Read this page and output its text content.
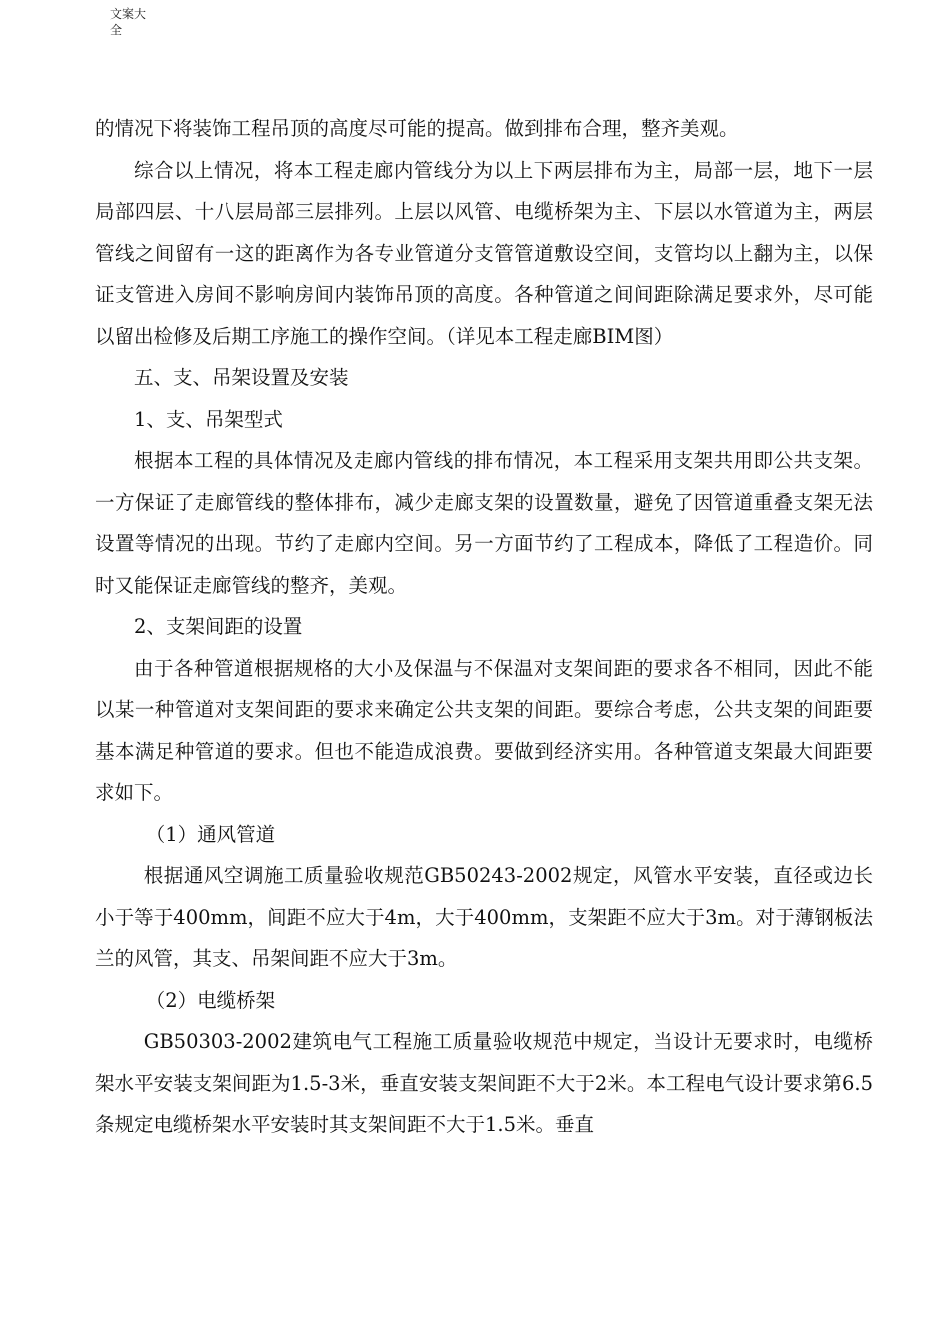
文案大
全

的情况下将装饰工程吊顶的高度尽可能的提高。做到排布合理，整齐美观。

综合以上情况，将本工程走廊内管线分为以上下两层排布为主，局部一层，地下一层局部四层、十八层局部三层排列。上层以风管、电缆桥架为主、下层以水管道为主，两层管线之间留有一这的距离作为各专业管道分支管管道敷设空间，支管均以上翻为主，以保证支管进入房间不影响房间内装饰吊顶的高度。各种管道之间间距除满足要求外，尽可能以留出检修及后期工序施工的操作空间。（详见本工程走廊BIM图）

五、支、吊架设置及安装

1、支、吊架型式

根据本工程的具体情况及走廊内管线的排布情况，本工程采用支架共用即公共支架。一方保证了走廊管线的整体排布，减少走廊支架的设置数量，避免了因管道重叠支架无法设置等情况的出现。节约了走廊内空间。另一方面节约了工程成本，降低了工程造价。同时又能保证走廊管线的整齐，美观。

2、支架间距的设置

由于各种管道根据规格的大小及保温与不保温对支架间距的要求各不相同，因此不能以某一种管道对支架间距的要求来确定公共支架的间距。要综合考虑，公共支架的间距要基本满足种管道的要求。但也不能造成浪费。要做到经济实用。各种管道支架最大间距要求如下。

（1）通风管道

根据通风空调施工质量验收规范GB50243-2002规定，风管水平安装，直径或边长小于等于400mm，间距不应大于4m，大于400mm，支架距不应大于3m。对于薄钢板法兰的风管，其支、吊架间距不应大于3m。

（2）电缆桥架

GB50303-2002建筑电气工程施工质量验收规范中规定，当设计无要求时，电缆桥架水平安装支架间距为1.5-3米，垂直安装支架间距不大于2米。本工程电气设计要求第6.5条规定电缆桥架水平安装时其支架间距不大于1.5米。垂直
